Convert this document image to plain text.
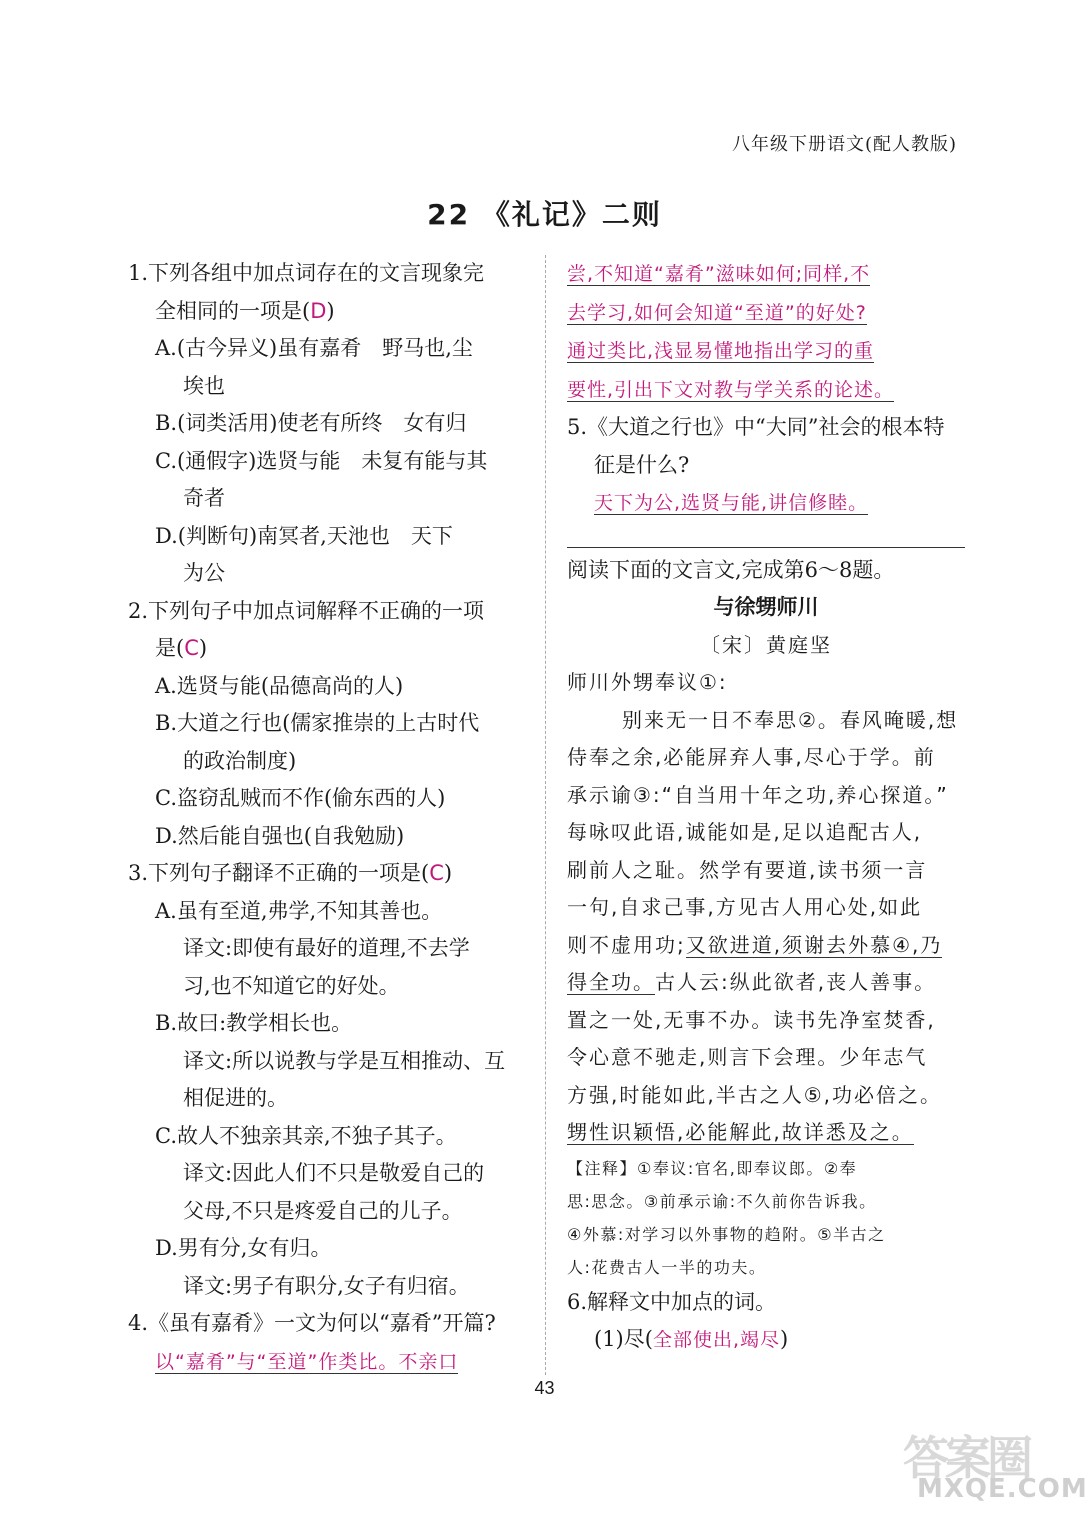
八年级下册语文(配人教版)
22 《礼记》二则
1.下列各组中加点词存在的文言现象完
全相同的一项是(D)
A.(古今异义)虽有嘉肴　野马也,尘
埃也
B.(词类活用)使老有所终　女有归
C.(通假字)选贤与能　未复有能与其
奇者
D.(判断句)南冥者,天池也　天下
为公
2.下列句子中加点词解释不正确的一项
是(C)
A.选贤与能(品德高尚的人)
B.大道之行也(儒家推崇的上古时代
的政治制度)
C.盗窃乱贼而不作(偷东西的人)
D.然后能自强也(自我勉励)
3.下列句子翻译不正确的一项是(C)
A.虽有至道,弗学,不知其善也。
译文:即使有最好的道理,不去学
习,也不知道它的好处。
B.故曰:教学相长也。
译文:所以说教与学是互相推动、互
相促进的。
C.故人不独亲其亲,不独子其子。
译文:因此人们不只是敬爱自己的
父母,不只是疼爱自己的儿子。
D.男有分,女有归。
译文:男子有职分,女子有归宿。
4.《虽有嘉肴》一文为何以“嘉肴”开篇?
以“嘉肴”与“至道”作类比。不亲口
尝,不知道“嘉肴”滋味如何;同样,不
去学习,如何会知道“至道”的好处?
通过类比,浅显易懂地指出学习的重
要性,引出下文对教与学关系的论述。
5.《大道之行也》中“大同”社会的根本特
征是什么?
天下为公,选贤与能,讲信修睦。
阅读下面的文言文,完成第6～8题。
与徐甥师川
〔宋〕黄庭坚
师川外甥奉议①:
别来无一日不奉思②。春风晻暖,想
侍奉之余,必能屏弃人事,尽心于学。前
承示谕③:“自当用十年之功,养心探道。”
每咏叹此语,诚能如是,足以追配古人,
刷前人之耻。然学有要道,读书须一言
一句,自求己事,方见古人用心处,如此
则不虚用功;又欲进道,须谢去外慕④,乃
得全功。古人云:纵此欲者,丧人善事。
置之一处,无事不办。读书先净室焚香,
令心意不驰走,则言下会理。少年志气
方强,时能如此,半古之人⑤,功必倍之。
甥性识颖悟,必能解此,故详悉及之。
【注释】①奉议:官名,即奉议郎。②奉
思:思念。③前承示谕:不久前你告诉我。
④外慕:对学习以外事物的趋附。⑤半古之
人:花费古人一半的功夫。
6.解释文中加点的词。
(1)尽(全部使出,竭尽)
43
答案圈
MXQE.COM
